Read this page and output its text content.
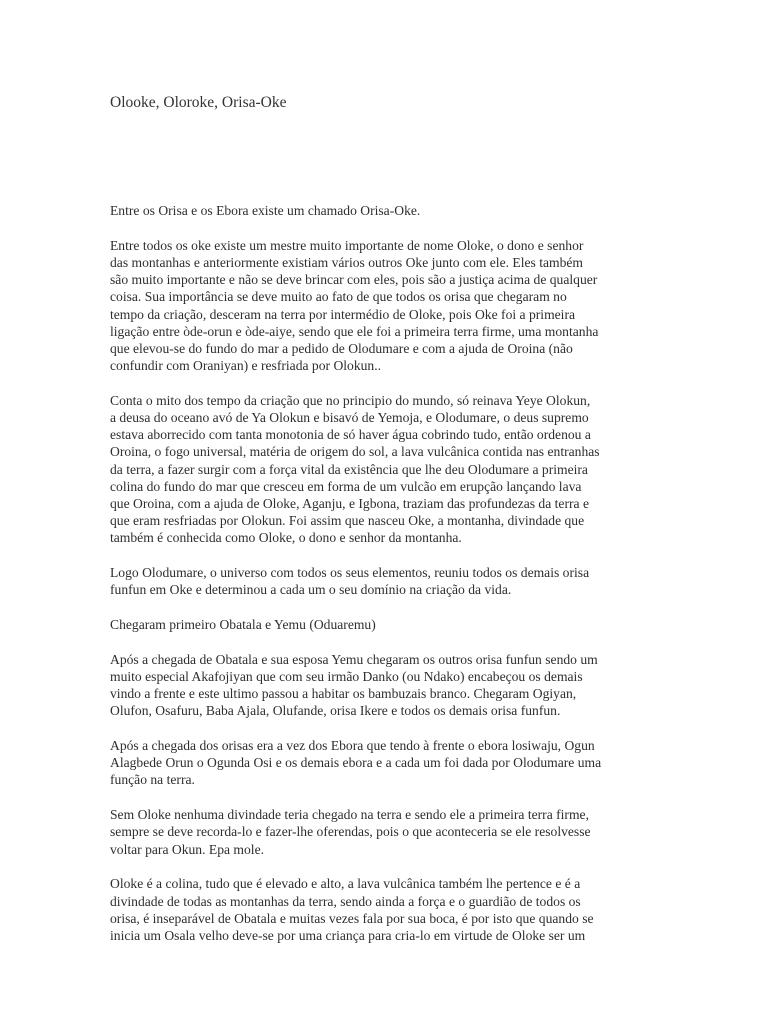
Olooke, Oloroke, Orisa-Oke

Entre os Orisa e os Ebora existe um chamado Orisa-Oke.

Entre todos os oke existe um mestre muito importante de nome Oloke, o dono e senhor
das montanhas e anteriormente existiam vários outros Oke junto com ele. Eles também
são muito importante e não se deve brincar com eles, pois são a justiça acima de qualquer
coisa. Sua importância se deve muito ao fato de que todos os orisa que chegaram no
tempo da criação, desceram na terra por intermédio de Oloke, pois Oke foi a primeira
ligação entre òde-orun e òde-aiye, sendo que ele foi a primeira terra firme, uma montanha
que elevou-se do fundo do mar a pedido de Olodumare e com a ajuda de Oroina (não
confundir com Oraniyan) e resfriada por Olokun..

Conta o mito dos tempo da criação que no principio do mundo, só reinava Yeye Olokun,
a deusa do oceano avó de Ya Olokun e bisavó de Yemoja, e Olodumare, o deus supremo
estava aborrecido com tanta monotonia de só haver água cobrindo tudo, então ordenou a
Oroina, o fogo universal, matéria de origem do sol, a lava vulcânica contida nas entranhas
da terra, a fazer surgir com a força vital da existência que lhe deu Olodumare a primeira
colina do fundo do mar que cresceu em forma de um vulcão em erupção lançando lava
que Oroina, com a ajuda de Oloke, Aganju, e Igbona, traziam das profundezas da terra e
que eram resfriadas por Olokun. Foi assim que nasceu Oke, a montanha, divindade que
também é conhecida como Oloke, o dono e senhor da montanha.

Logo Olodumare, o universo com todos os seus elementos, reuniu todos os demais orisa
funfun em Oke e determinou a cada um o seu domínio na criação da vida.

Chegaram primeiro Obatala e Yemu (Oduaremu)

Após a chegada de Obatala e sua esposa Yemu chegaram os outros orisa funfun sendo um
muito especial Akafojiyan que com seu irmão Danko (ou Ndako) encabeçou os demais
vindo a frente e este ultimo passou a habitar os bambuzais branco. Chegaram Ogiyan,
Olufon, Osafuru, Baba Ajala, Olufande, orisa Ikere e todos os demais orisa funfun.

Após a chegada dos orisas era a vez dos Ebora que tendo à frente o ebora losiwaju, Ogun
Alagbede Orun o Ogunda Osi e os demais ebora e a cada um foi dada por Olodumare uma
função na terra.

Sem Oloke nenhuma divindade teria chegado na terra e sendo ele a primeira terra firme,
sempre se deve recorda-lo e fazer-lhe oferendas, pois o que aconteceria se ele resolvesse
voltar para Okun. Epa mole.

Oloke é a colina, tudo que é elevado e alto, a lava vulcânica também lhe pertence e é a
divindade de todas as montanhas da terra, sendo ainda a força e o guardião de todos os
orisa, é inseparável de Obatala e muitas vezes fala por sua boca, é por isto que quando se
inicia um Osala velho deve-se por uma criança para cria-lo em virtude de Oloke ser um
